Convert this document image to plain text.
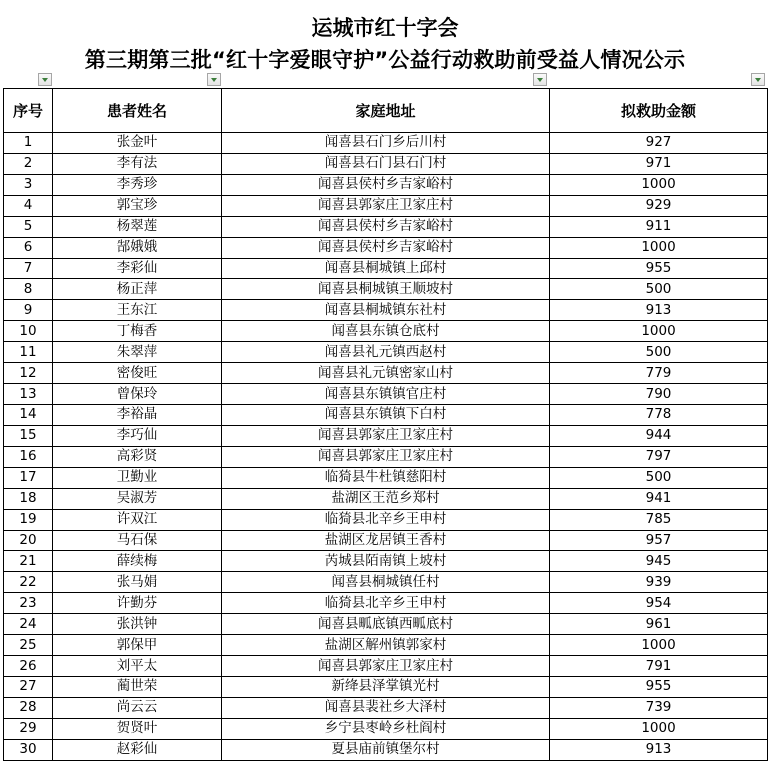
运城市红十字会
第三期第三批“红十字爱眼守护”公益行动救助前受益人情况公示
序号	患者姓名	家庭地址	拟救助金额
1	张金叶	闻喜县石门乡后川村	927
2	李有法	闻喜县石门县石门村	971
3	李秀珍	闻喜县侯村乡吉家峪村	1000
4	郭宝珍	闻喜县郭家庄卫家庄村	929
5	杨翠莲	闻喜县侯村乡吉家峪村	911
6	郜娥娥	闻喜县侯村乡吉家峪村	1000
7	李彩仙	闻喜县桐城镇上邱村	955
8	杨正萍	闻喜县桐城镇王顺坡村	500
9	王东江	闻喜县桐城镇东社村	913
10	丁梅香	闻喜县东镇仓底村	1000
11	朱翠萍	闻喜县礼元镇西赵村	500
12	密俊旺	闻喜县礼元镇密家山村	779
13	曾保玲	闻喜县东镇镇官庄村	790
14	李裕晶	闻喜县东镇镇下白村	778
15	李巧仙	闻喜县郭家庄卫家庄村	944
16	高彩贤	闻喜县郭家庄卫家庄村	797
17	卫勤业	临猗县牛杜镇慈阳村	500
18	吴淑芳	盐湖区王范乡郑村	941
19	许双江	临猗县北辛乡王申村	785
20	马石保	盐湖区龙居镇王香村	957
21	薛续梅	芮城县陌南镇上坡村	945
22	张马娟	闻喜县桐城镇任村	939
23	许勤芬	临猗县北辛乡王申村	954
24	张洪钟	闻喜县畖底镇西畖底村	961
25	郭保甲	盐湖区解州镇郭家村	1000
26	刘平太	闻喜县郭家庄卫家庄村	791
27	蔺世荣	新绛县泽掌镇光村	955
28	尚云云	闻喜县裴社乡大泽村	739
29	贺贤叶	乡宁县枣岭乡杜阎村	1000
30	赵彩仙	夏县庙前镇堡尔村	913
